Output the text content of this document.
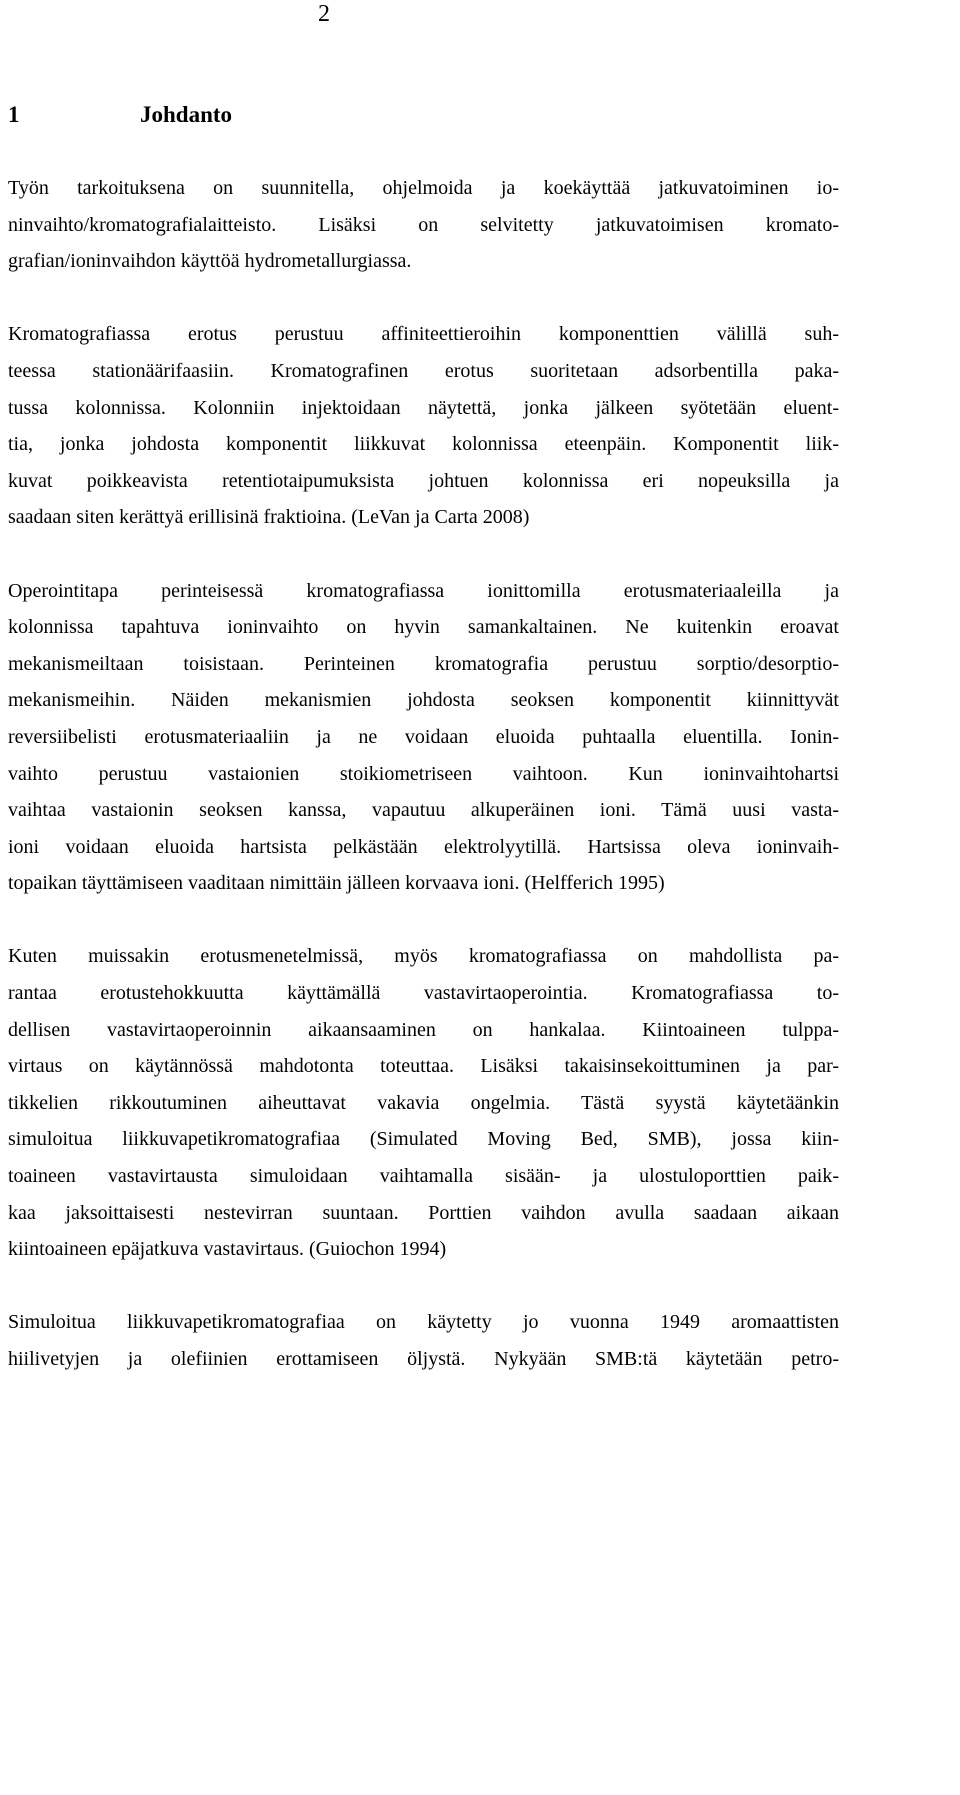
2
1	Johdanto
Työn tarkoituksena on suunnitella, ohjelmoida ja koekäyttää jatkuvatoiminen io-
ninvaihto/kromatografialaitteisto. Lisäksi on selvitetty jatkuvatoimisen kromato-
grafian/ioninvaihdon käyttöä hydrometallurgiassa.
Kromatografiassa erotus perustuu affiniteettieroihin komponenttien välillä suh-
teessa stationäärifaasiin. Kromatografinen erotus suoritetaan adsorbentilla paka-
tussa kolonnissa. Kolonniin injektoidaan näytettä, jonka jälkeen syötetään eluent-
tia, jonka johdosta komponentit liikkuvat kolonnissa eteenpäin. Komponentit liik-
kuvat poikkeavista retentiotaipumuksista johtuen kolonnissa eri nopeuksilla ja
saadaan siten kerättyä erillisinä fraktioina. (LeVan ja Carta 2008)
Operointitapa perinteisessä kromatografiassa ionittomilla erotusmateriaaleilla ja
kolonnissa tapahtuva ioninvaihto on hyvin samankaltainen. Ne kuitenkin eroavat
mekanismeiltaan toisistaan. Perinteinen kromatografia perustuu sorptio/desorptio-
mekanismeihin. Näiden mekanismien johdosta seoksen komponentit kiinnittyvät
reversiibelisti erotusmateriaaliin ja ne voidaan eluoida puhtaalla eluentilla. Ionin-
vaihto perustuu vastaionien stoikiometriseen vaihtoon. Kun ioninvaihtohartsi
vaihtaa vastaionin seoksen kanssa, vapautuu alkuperäinen ioni. Tämä uusi vasta-
ioni voidaan eluoida hartsista pelkästään elektrolyytillä. Hartsissa oleva ioninvaih-
topaikan täyttämiseen vaaditaan nimittäin jälleen korvaava ioni. (Helfferich 1995)
Kuten muissakin erotusmenetelmissä, myös kromatografiassa on mahdollista pa-
rantaa erotustehokkuutta käyttämällä vastavirtaoperointia. Kromatografiassa to-
dellisen vastavirtaoperoinnin aikaansaaminen on hankalaa. Kiintoaineen tulppa-
virtaus on käytännössä mahdotonta toteuttaa. Lisäksi takaisinsekoittuminen ja par-
tikkelien rikkoutuminen aiheuttavat vakavia ongelmia. Tästä syystä käytetäänkin
simuloitua liikkuvapetikromatografiaa (Simulated Moving Bed, SMB), jossa kiin-
toaineen vastavirtausta simuloidaan vaihtamalla sisään- ja ulostuloporttien paik-
kaa jaksoittaisesti nestevirran suuntaan. Porttien vaihdon avulla saadaan aikaan
kiintoaineen epäjatkuva vastavirtaus. (Guiochon 1994)
Simuloitua liikkuvapetikromatografiaa on käytetty jo vuonna 1949 aromaattisten
hiilivetyjen ja olefiinien erottamiseen öljystä. Nykyään SMB:tä käytetään petro-
